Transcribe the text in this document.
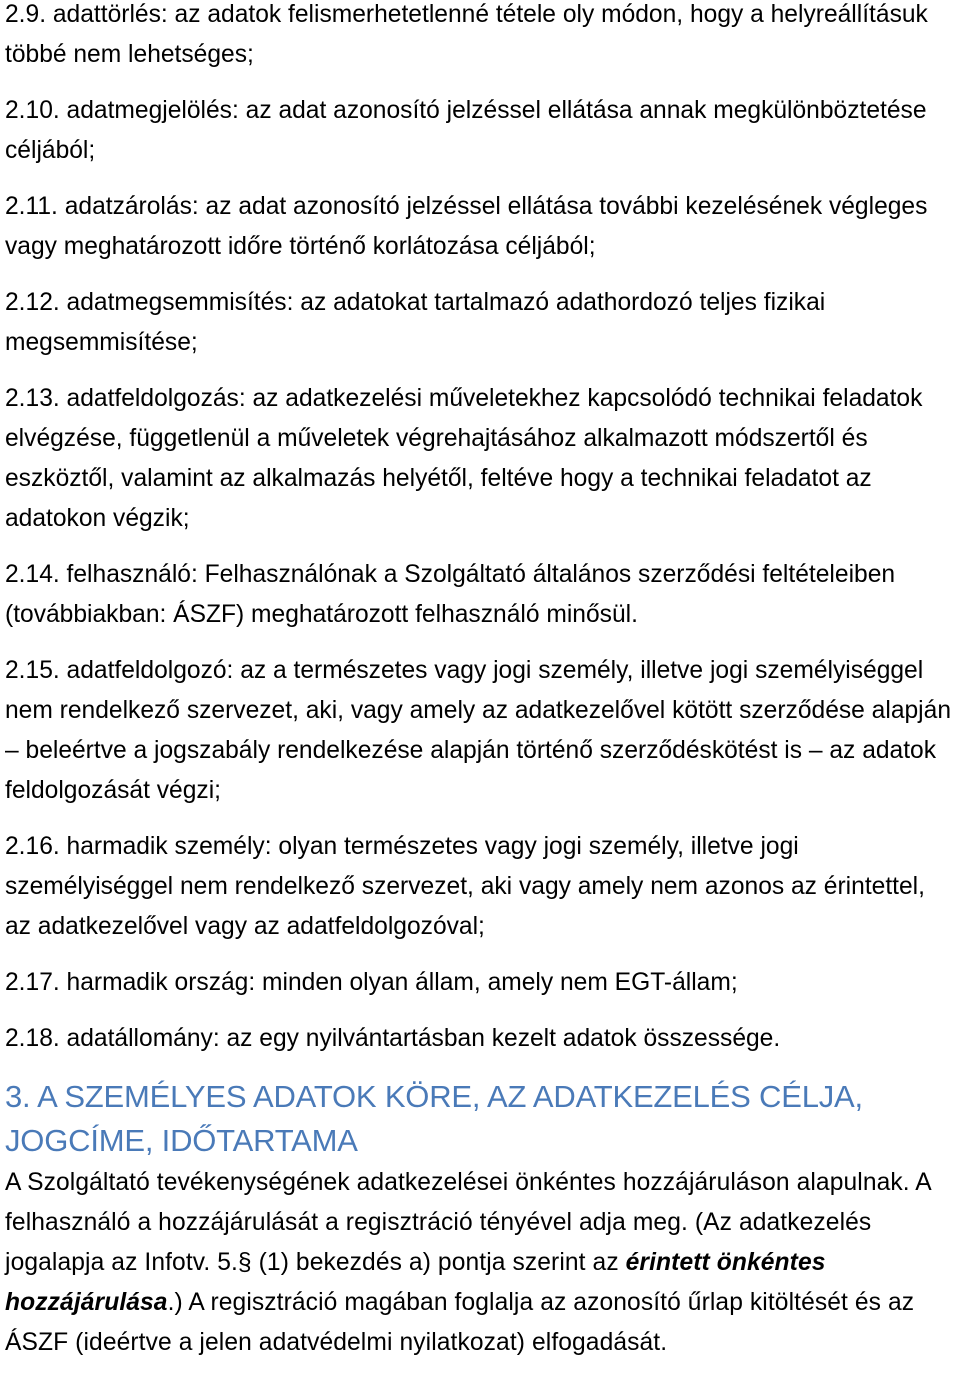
2.9. adattörlés: az adatok felismerhetetlenné tétele oly módon, hogy a helyreállításuk többé nem lehetséges;

2.10. adatmegjelölés: az adat azonosító jelzéssel ellátása annak megkülönböztetése céljából;

2.11. adatzárolás: az adat azonosító jelzéssel ellátása további kezelésének végleges vagy meghatározott időre történő korlátozása céljából;

2.12. adatmegsemmisítés: az adatokat tartalmazó adathordozó teljes fizikai megsemmisítése;

2.13. adatfeldolgozás: az adatkezelési műveletekhez kapcsolódó technikai feladatok elvégzése, függetlenül a műveletek végrehajtásához alkalmazott módszertől és eszköztől, valamint az alkalmazás helyétől, feltéve hogy a technikai feladatot az adatokon végzik;

2.14. felhasználó: Felhasználónak a Szolgáltató általános szerződési feltételeiben (továbbiakban: ÁSZF) meghatározott felhasználó minősül.

2.15. adatfeldolgozó: az a természetes vagy jogi személy, illetve jogi személyiséggel nem rendelkező szervezet, aki, vagy amely az adatkezelővel kötött szerződése alapján – beleértve a jogszabály rendelkezése alapján történő szerződéskötést is – az adatok feldolgozását végzi;

2.16. harmadik személy: olyan természetes vagy jogi személy, illetve jogi személyiséggel nem rendelkező szervezet, aki vagy amely nem azonos az érintettel, az adatkezelővel vagy az adatfeldolgozóval;

2.17. harmadik ország: minden olyan állam, amely nem EGT-állam;

2.18. adatállomány: az egy nyilvántartásban kezelt adatok összessége.

3. A SZEMÉLYES ADATOK KÖRE, AZ ADATKEZELÉS CÉLJA, JOGCÍME, IDŐTARTAMA

A Szolgáltató tevékenységének adatkezelései önkéntes hozzájáruláson alapulnak. A felhasználó a hozzájárulását a regisztráció tényével adja meg. (Az adatkezelés jogalapja az Infotv. 5.§ (1) bekezdés a) pontja szerint az érintett önkéntes hozzájárulása.) A regisztráció magában foglalja az azonosító űrlap kitöltését és az ÁSZF (ideértve a jelen adatvédelmi nyilatkozat) elfogadását.
